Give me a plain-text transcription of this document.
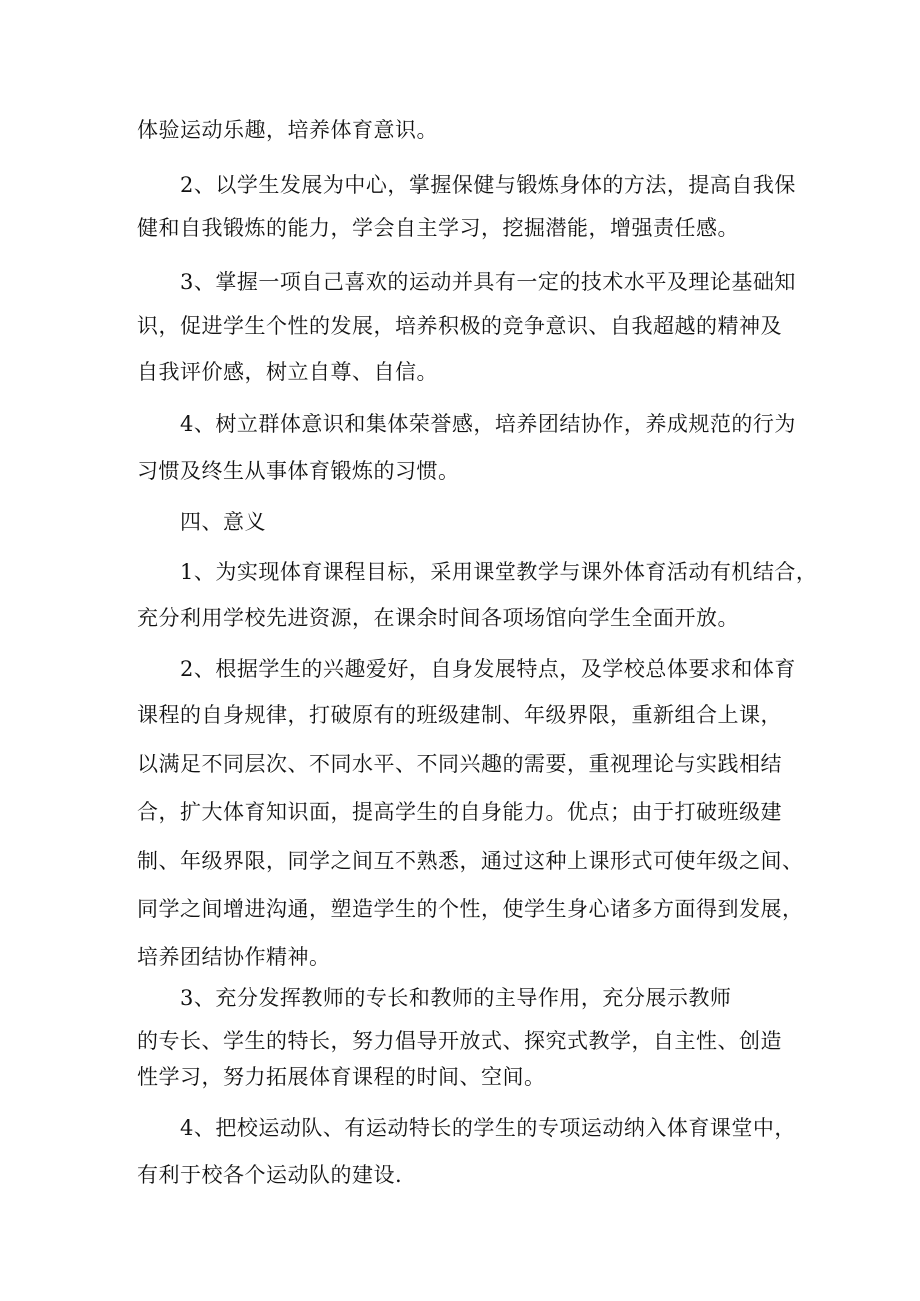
体验运动乐趣，培养体育意识。
2、以学生发展为中心，掌握保健与锻炼身体的方法，提高自我保
健和自我锻炼的能力，学会自主学习，挖掘潜能，增强责任感。
3、掌握一项自己喜欢的运动并具有一定的技术水平及理论基础知
识，促进学生个性的发展，培养积极的竞争意识、自我超越的精神及
自我评价感，树立自尊、自信。
4、树立群体意识和集体荣誉感，培养团结协作，养成规范的行为
习惯及终生从事体育锻炼的习惯。
四、意义
1、为实现体育课程目标，采用课堂教学与课外体育活动有机结合，
充分利用学校先进资源，在课余时间各项场馆向学生全面开放。
2、根据学生的兴趣爱好，自身发展特点，及学校总体要求和体育
课程的自身规律，打破原有的班级建制、年级界限，重新组合上课，
以满足不同层次、不同水平、不同兴趣的需要，重视理论与实践相结
合，扩大体育知识面，提高学生的自身能力。优点；由于打破班级建
制、年级界限，同学之间互不熟悉，通过这种上课形式可使年级之间、
同学之间增进沟通，塑造学生的个性，使学生身心诸多方面得到发展，
培养团结协作精神。
3、充分发挥教师的专长和教师的主导作用，充分展示教师
的专长、学生的特长，努力倡导开放式、探究式教学，自主性、创造
性学习，努力拓展体育课程的时间、空间。
4、把校运动队、有运动特长的学生的专项运动纳入体育课堂中，
有利于校各个运动队的建设.
